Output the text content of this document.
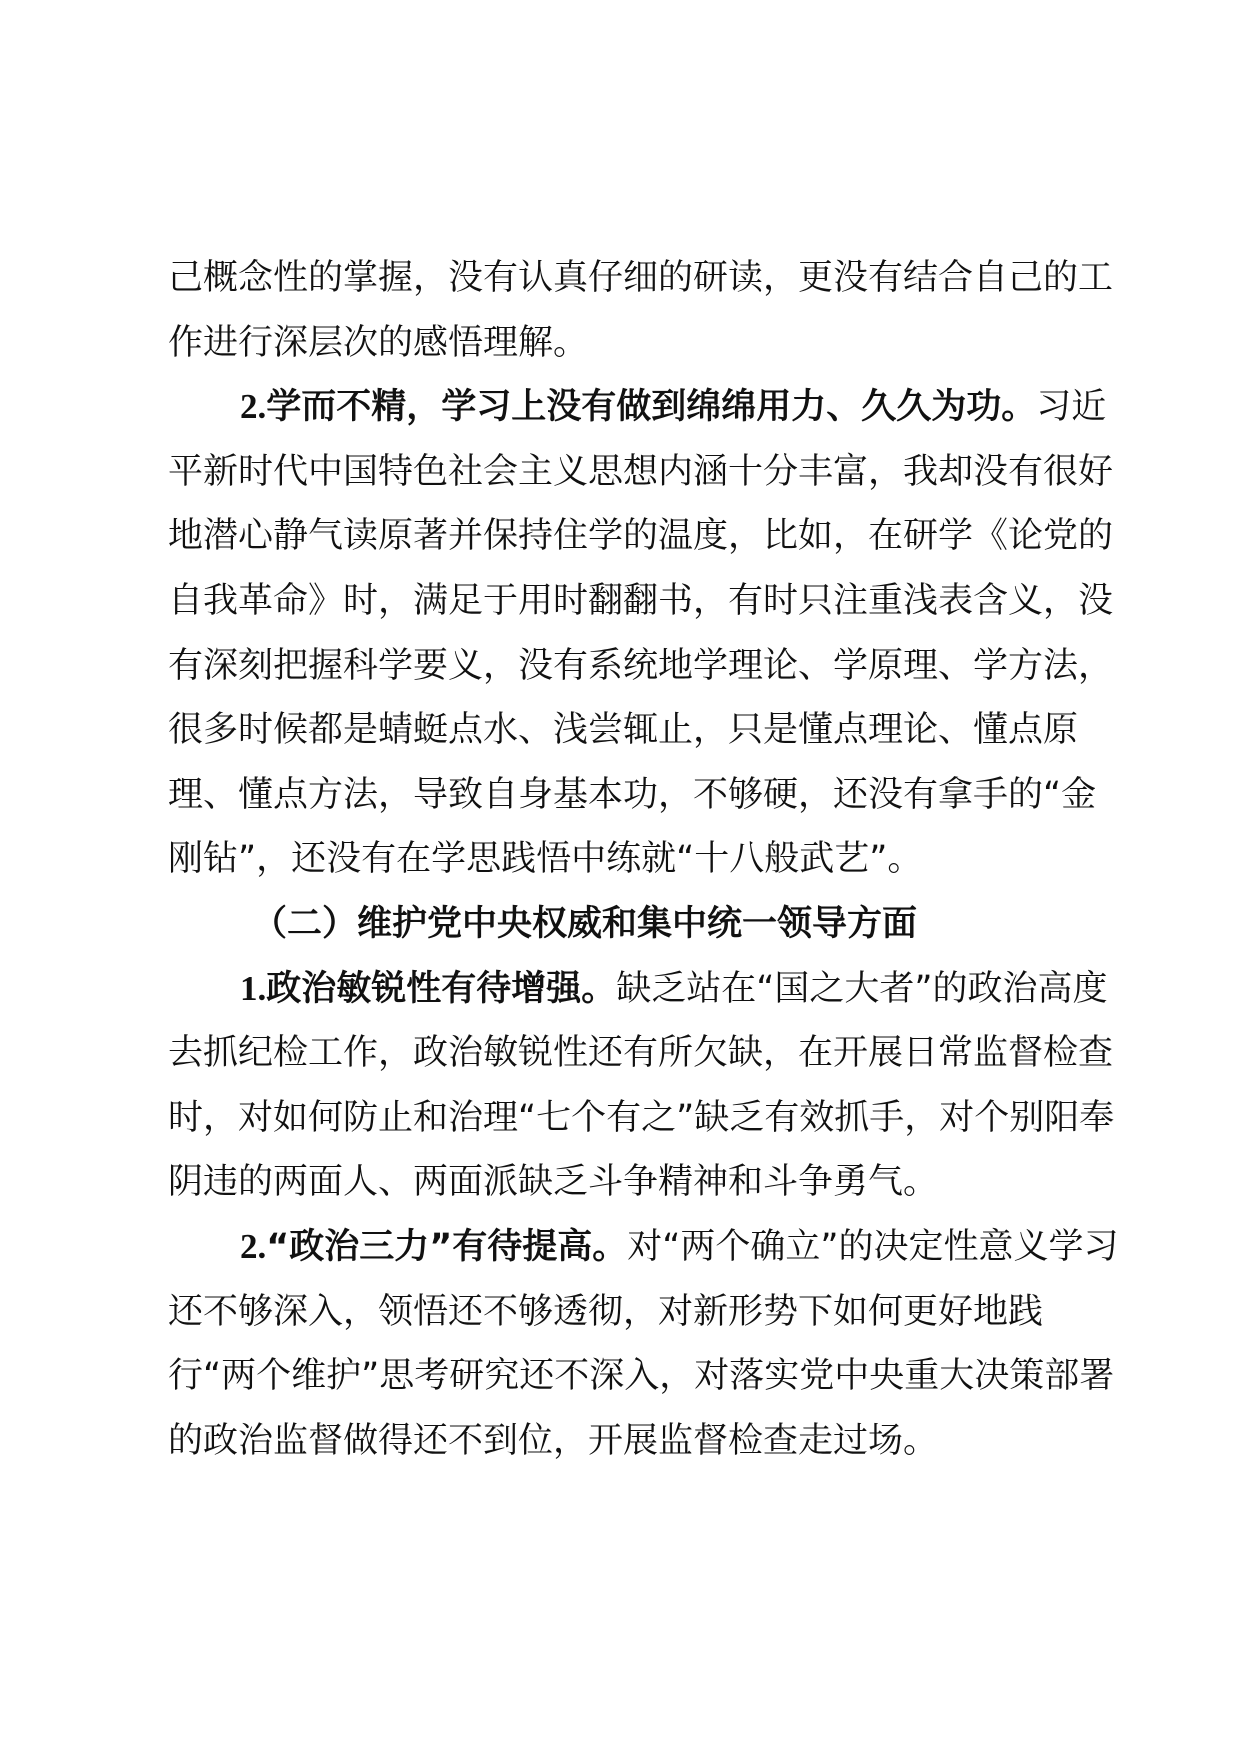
己概念性的掌握，没有认真仔细的研读，更没有结合自己的工作进行深层次的感悟理解。

2.学而不精，学习上没有做到绵绵用力、久久为功。习近平新时代中国特色社会主义思想内涵十分丰富，我却没有很好地潜心静气读原著并保持住学的温度，比如，在研学《论党的自我革命》时，满足于用时翻翻书，有时只注重浅表含义，没有深刻把握科学要义，没有系统地学理论、学原理、学方法，很多时候都是蜻蜓点水、浅尝辄止，只是懂点理论、懂点原理、懂点方法，导致自身基本功，不够硬，还没有拿手的“金刚钻”，还没有在学思践悟中练就“十八般武艺”。

（二）维护党中央权威和集中统一领导方面

1.政治敏锐性有待增强。缺乏站在“国之大者”的政治高度去抓纪检工作，政治敏锐性还有所欠缺，在开展日常监督检查时，对如何防止和治理“七个有之”缺乏有效抓手，对个别阳奉阴违的两面人、两面派缺乏斗争精神和斗争勇气。

2.“政治三力”有待提高。对“两个确立”的决定性意义学习还不够深入，领悟还不够透彻，对新形势下如何更好地践行“两个维护”思考研究还不深入，对落实党中央重大决策部署的政治监督做得还不到位，开展监督检查走过场。
